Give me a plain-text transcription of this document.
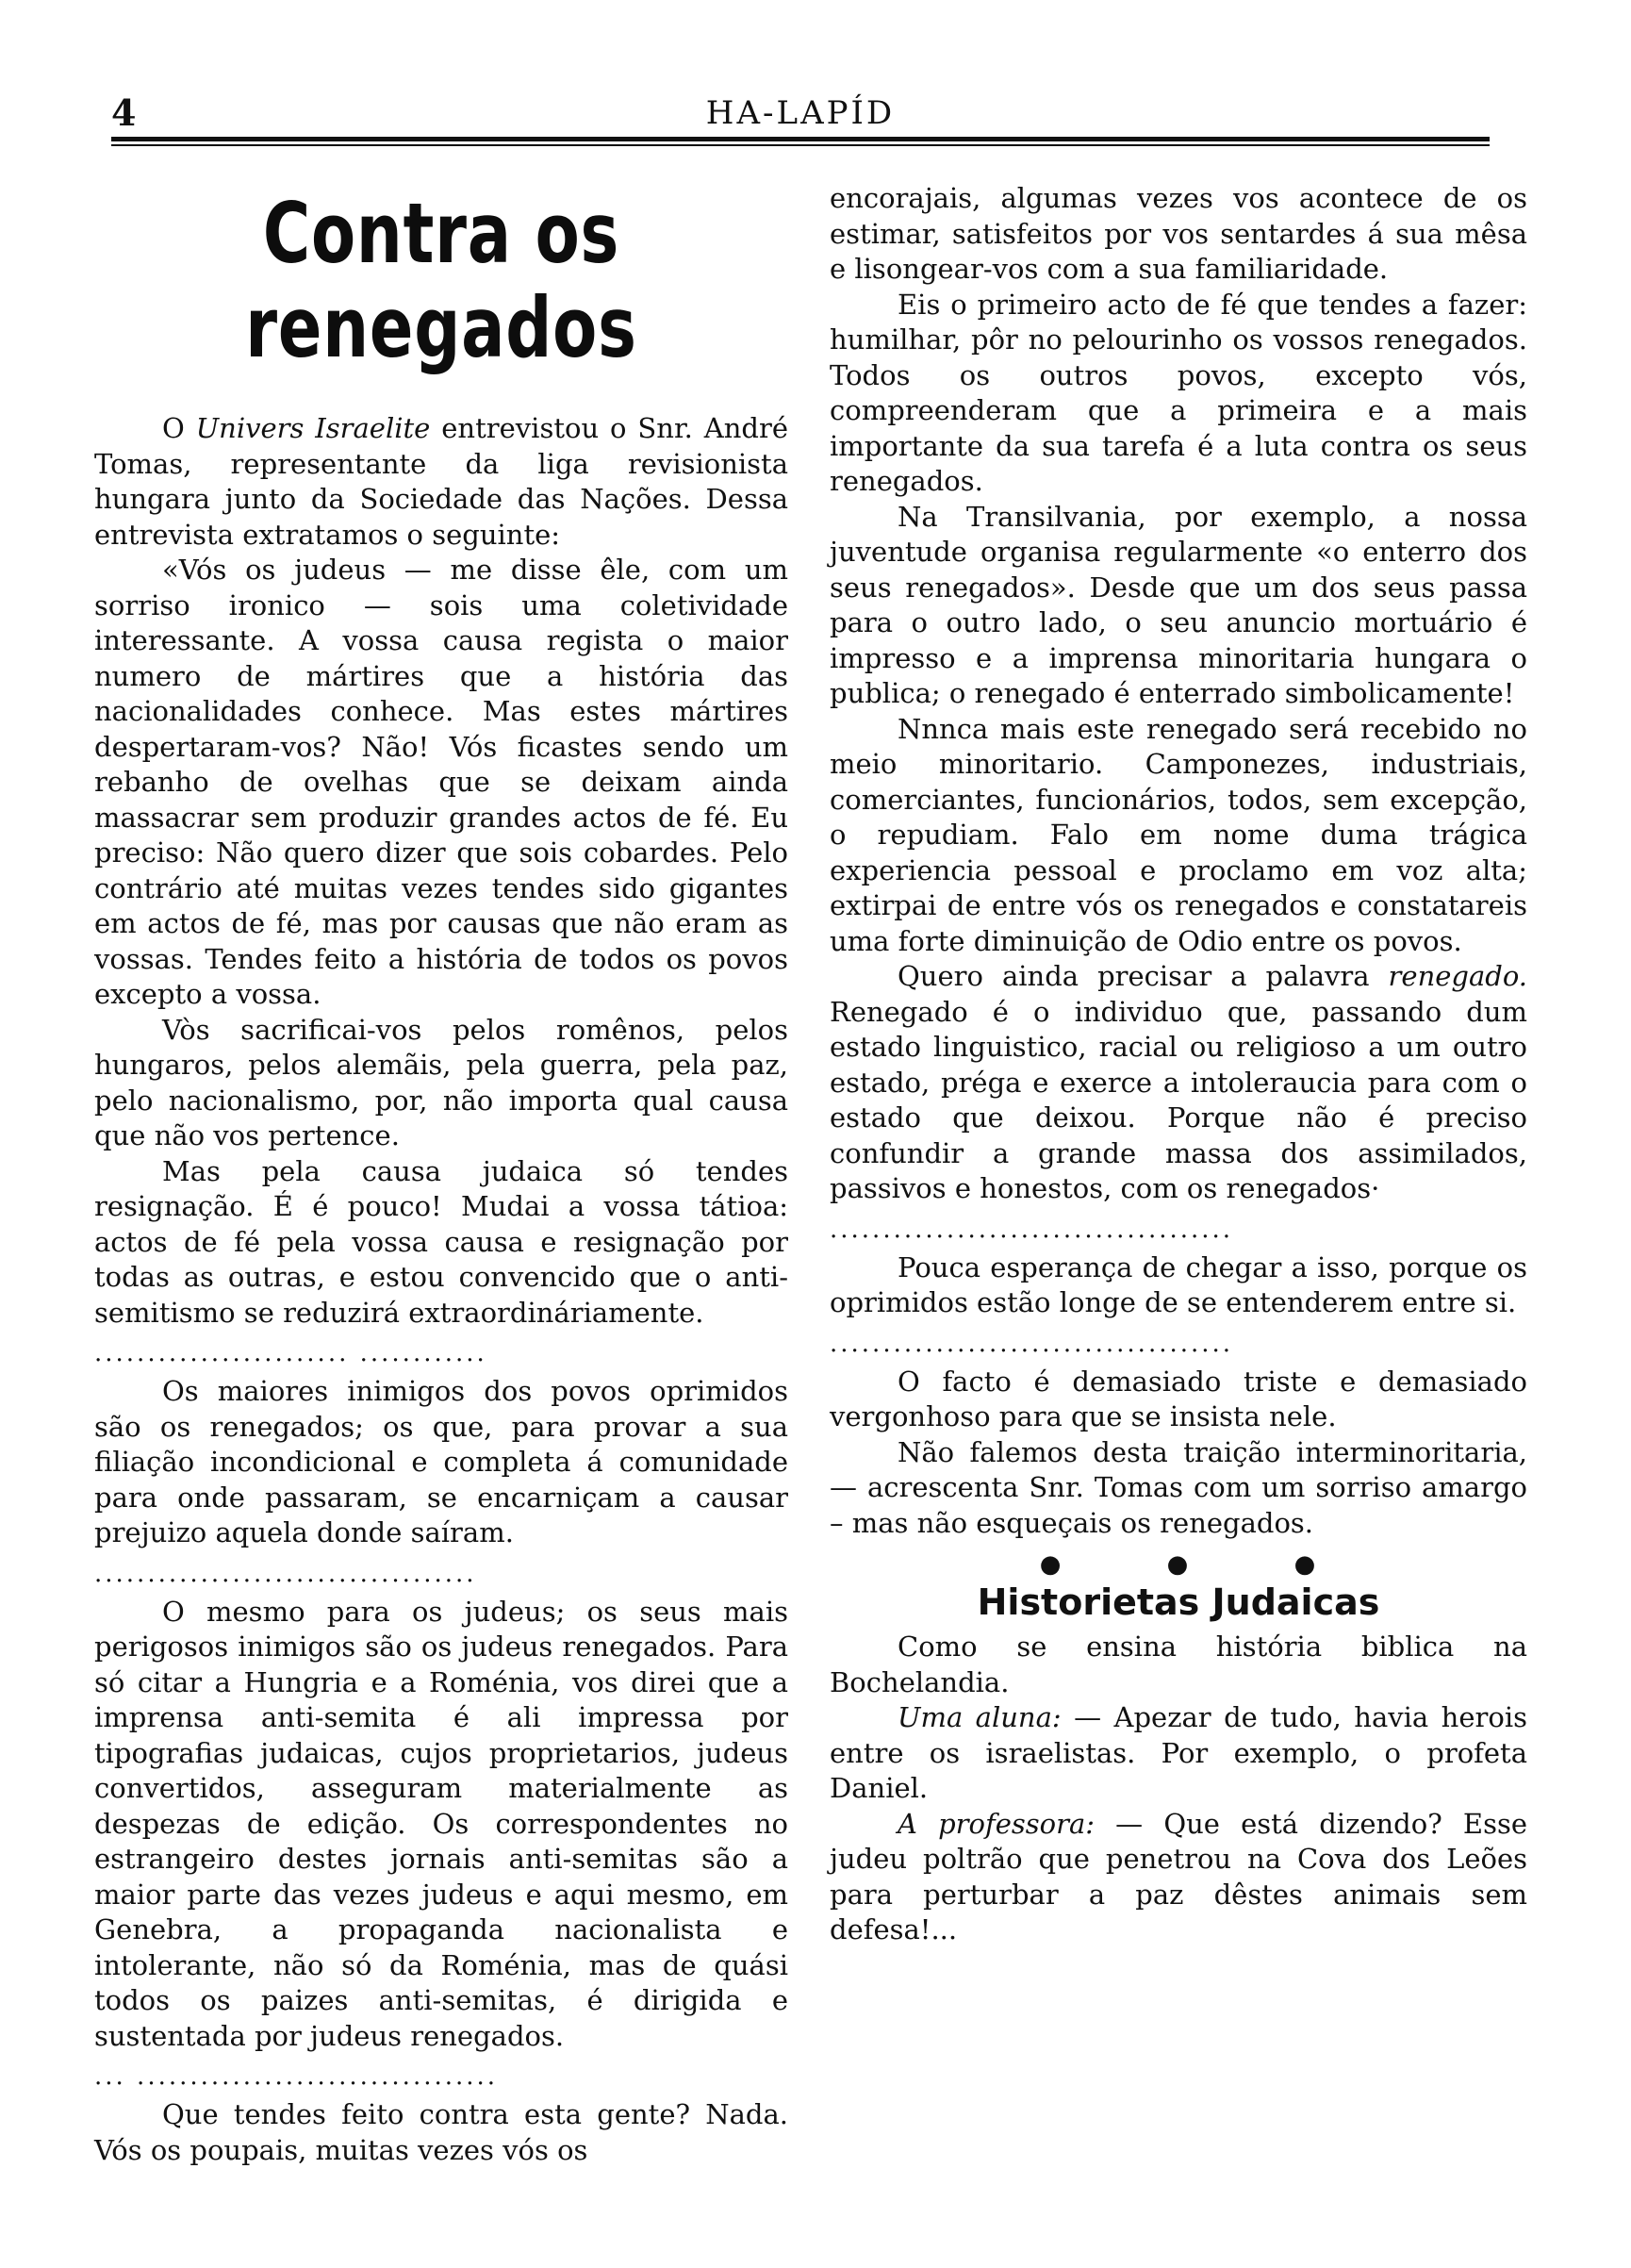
4	HA-LAPÍD
Contra os renegados

O Univers Israelite entrevistou o Snr. André Tomas, representante da liga revisionista hungara junto da Sociedade das Nações. Dessa entrevista extratamos o seguinte:

«Vós os judeus — me disse êle, com um sorriso ironico — sois uma coletividade interessante. A vossa causa regista o maior numero de mártires que a história das nacionalidades conhece. Mas estes mártires despertaram-vos? Não! Vós ficastes sendo um rebanho de ovelhas que se deixam ainda massacrar sem produzir grandes actos de fé. Eu preciso: Não quero dizer que sois cobardes. Pelo contrário até muitas vezes tendes sido gigantes em actos de fé, mas por causas que não eram as vossas. Tendes feito a história de todos os povos excepto a vossa.

Vòs sacrificai-vos pelos romênos, pelos hungaros, pelos alemãis, pela guerra, pela paz, pelo nacionalismo, por, não importa qual causa que não vos pertence.

Mas pela causa judaica só tendes resignação. É é pouco! Mudai a vossa tátioa: actos de fé pela vossa causa e resignação por todas as outras, e estou convencido que o anti-semitismo se reduzirá extraordináriamente.

........................ ............

Os maiores inimigos dos povos oprimidos são os renegados; os que, para provar a sua filiação incondicional e completa á comunidade para onde passaram, se encarniçam a causar prejuizo aquela donde saíram.

....................................

O mesmo para os judeus; os seus mais perigosos inimigos são os judeus renegados. Para só citar a Hungria e a Roménia, vos direi que a imprensa anti-semita é ali impressa por tipografias judaicas, cujos proprietarios, judeus convertidos, asseguram materialmente as despezas de edição. Os correspondentes no estrangeiro destes jornais anti-semitas são a maior parte das vezes judeus e aqui mesmo, em Genebra, a propaganda nacionalista e intolerante, não só da Roménia, mas de quási todos os paizes anti-semitas, é dirigida e sustentada por judeus renegados.

... ..................................

Que tendes feito contra esta gente? Nada. Vós os poupais, muitas vezes vós os

encorajais, algumas vezes vos acontece de os estimar, satisfeitos por vos sentardes á sua mêsa e lisongear-vos com a sua familiaridade.

Eis o primeiro acto de fé que tendes a fazer: humilhar, pôr no pelourinho os vossos renegados. Todos os outros povos, excepto vós, compreenderam que a primeira e a mais importante da sua tarefa é a luta contra os seus renegados.

Na Transilvania, por exemplo, a nossa juventude organisa regularmente «o enterro dos seus renegados». Desde que um dos seus passa para o outro lado, o seu anuncio mortuário é impresso e a imprensa minoritaria hungara o publica; o renegado é enterrado simbolicamente!

Nnnca mais este renegado será recebido no meio minoritario. Camponezes, industriais, comerciantes, funcionários, todos, sem excepção, o repudiam. Falo em nome duma trágica experiencia pessoal e proclamo em voz alta; extirpai de entre vós os renegados e constatareis uma forte diminuição de Odio entre os povos.

Quero ainda precisar a palavra renegado. Renegado é o individuo que, passando dum estado linguistico, racial ou religioso a um outro estado, préga e exerce a intoleraucia para com o estado que deixou. Porque não é preciso confundir a grande massa dos assimilados, passivos e honestos, com os renegados·

......................................

Pouca esperança de chegar a isso, porque os oprimidos estão longe de se entenderem entre si.

......................................

O facto é demasiado triste e demasiado vergonhoso para que se insista nele.

Não falemos desta traição interminoritaria, — acrescenta Snr. Tomas com um sorriso amargo – mas não esqueçais os renegados.

● ● ●
Historietas Judaicas

Como se ensina história biblica na Bochelandia.

Uma aluna: — Apezar de tudo, havia herois entre os israelistas. Por exemplo, o profeta Daniel.

A professora: — Que está dizendo? Esse judeu poltrão que penetrou na Cova dos Leões para perturbar a paz dêstes animais sem defesa!...
